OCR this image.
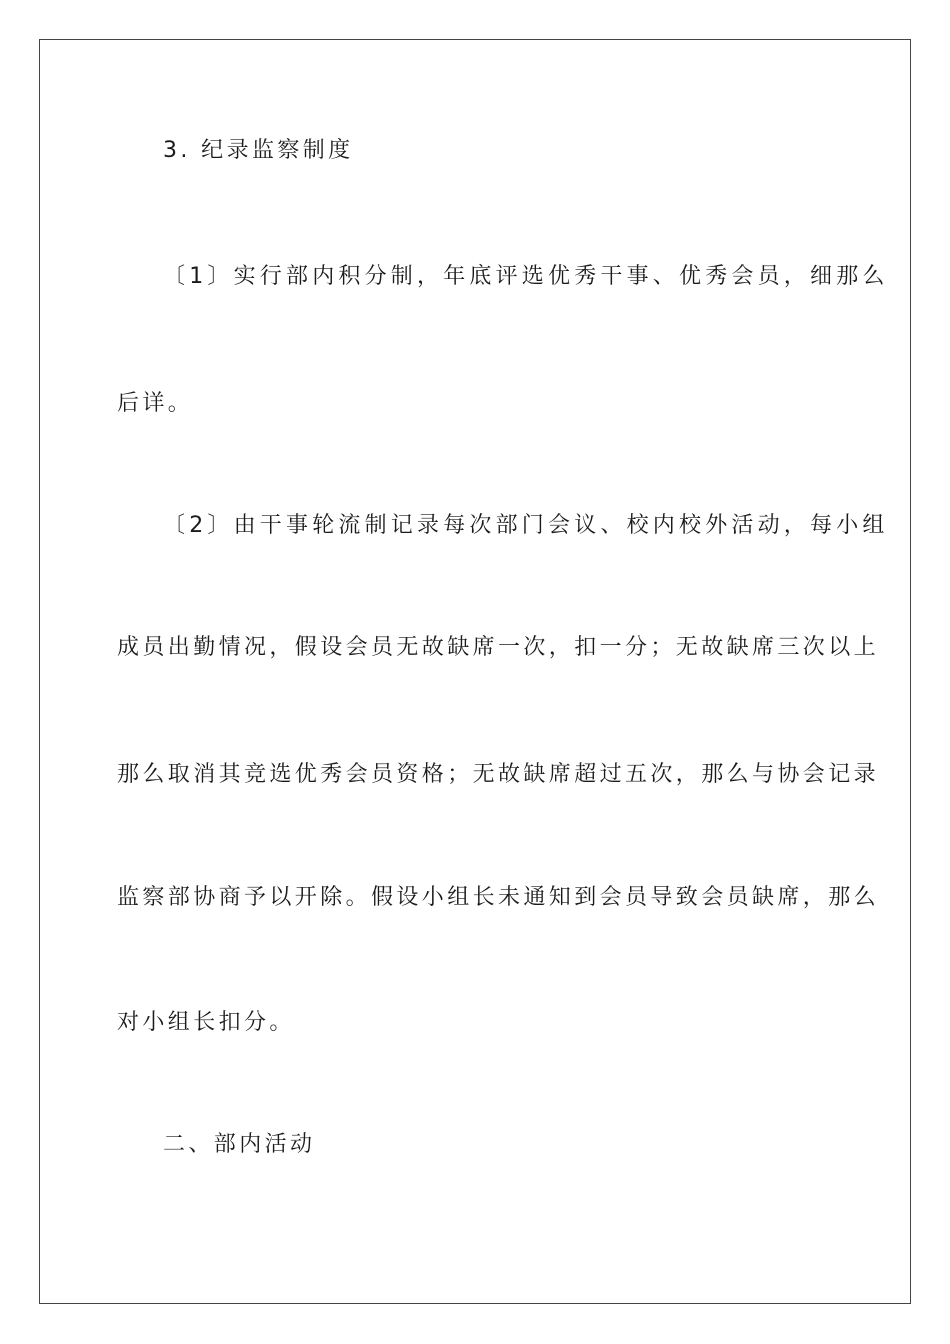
3. 纪录监察制度
〔1〕实行部内积分制，年底评选优秀干事、优秀会员，细那么
后详。
〔2〕由干事轮流制记录每次部门会议、校内校外活动，每小组
成员出勤情况，假设会员无故缺席一次，扣一分；无故缺席三次以上
那么取消其竞选优秀会员资格；无故缺席超过五次，那么与协会记录
监察部协商予以开除。假设小组长未通知到会员导致会员缺席，那么
对小组长扣分。
二、部内活动
